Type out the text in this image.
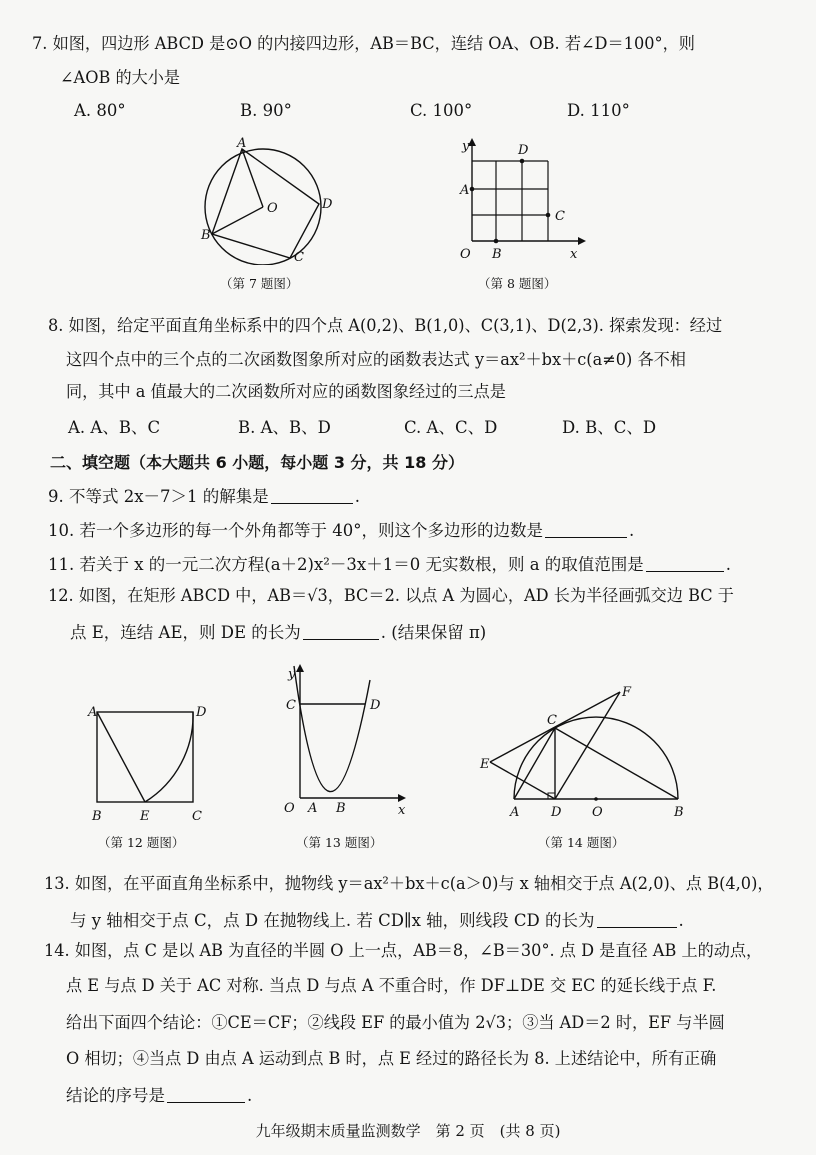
7. 如图，四边形 ABCD 是⊙O 的内接四边形，AB＝BC，连结 OA、OB. 若∠D＝100°，则
∠AOB 的大小是
A. 80°	B. 90°	C. 100°	D. 110°
A
B
C
D
O
（第 7 题图）
y
x
O
A
B
C
D
（第 8 题图）
8. 如图，给定平面直角坐标系中的四个点 A(0,2)、B(1,0)、C(3,1)、D(2,3). 探索发现：经过
这四个点中的三个点的二次函数图象所对应的函数表达式 y＝ax²＋bx＋c(a≠0) 各不相
同，其中 a 值最大的二次函数所对应的函数图象经过的三点是
A. A、B、C	B. A、B、D	C. A、C、D	D. B、C、D
二、填空题（本大题共 6 小题，每小题 3 分，共 18 分）
9. 不等式 2x－7＞1 的解集是	.
10. 若一个多边形的每一个外角都等于 40°，则这个多边形的边数是	.
11. 若关于 x 的一元二次方程(a＋2)x²－3x＋1＝0 无实数根，则 a 的取值范围是	.
12. 如图，在矩形 ABCD 中，AB＝√3，BC＝2. 以点 A 为圆心，AD 长为半径画弧交边 BC 于
点 E，连结 AE，则 DE 的长为	. (结果保留 π)
A	D
B	E	C
（第 12 题图）
y
x
O A B
C	D
（第 13 题图）
E
F
C
A D O	B
（第 14 题图）
13. 如图，在平面直角坐标系中，抛物线 y＝ax²＋bx＋c(a＞0)与 x 轴相交于点 A(2,0)、点 B(4,0)，
与 y 轴相交于点 C，点 D 在抛物线上. 若 CD∥x 轴，则线段 CD 的长为	.
14. 如图，点 C 是以 AB 为直径的半圆 O 上一点，AB＝8，∠B＝30°. 点 D 是直径 AB 上的动点，
点 E 与点 D 关于 AC 对称. 当点 D 与点 A 不重合时，作 DF⊥DE 交 EC 的延长线于点 F.
给出下面四个结论：①CE＝CF；②线段 EF 的最小值为 2√3；③当 AD＝2 时，EF 与半圆
O 相切；④当点 D 由点 A 运动到点 B 时，点 E 经过的路径长为 8. 上述结论中，所有正确
结论的序号是	.
九年级期末质量监测数学　第 2 页　(共 8 页)
